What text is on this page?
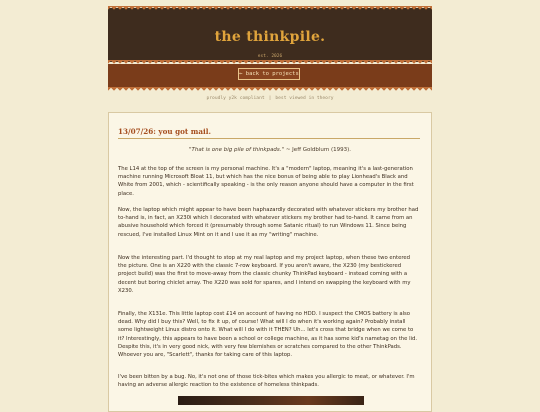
the thinkpile.
est. 2026
← back to projects
proudly y2k compliant | best viewed in theory
13/07/26: you got mail.
"That is one big pile of thinkpads." ~ Jeff Goldblum (1993).
The L14 at the top of the screen is my personal machine. It's a "modern" laptop, meaning it's a last-generation machine running Microsoft Bloat 11, but which has the nice bonus of being able to play Lionhead's Black and White from 2001, which - scientifically speaking - is the only reason anyone should have a computer in the first place.
Now, the laptop which might appear to have been haphazardly decorated with whatever stickers my brother had to-hand is, in fact, an X230i which I decorated with whatever stickers my brother had to-hand. It came from an abusive household which forced it (presumably through some Satanic ritual) to run Windows 11. Since being rescued, I've installed Linux Mint on it and I use it as my "writing" machine.
Now the interesting part. I'd thought to stop at my real laptop and my project laptop, when these two entered the picture. One is an X220 with the classic 7-row keyboard. If you aren't aware, the X230 (my bestickered project build) was the first to move-away from the classic chunky ThinkPad keyboard - instead coming with a decent but boring chiclet array. The X220 was sold for spares, and I intend on swapping the keyboard with my X230.
Finally, the X131e. This little laptop cost £14 on account of having no HDD. I suspect the CMOS battery is also dead. Why did I buy this? Well, to fix it up, of course! What will I do when it's working again? Probably install some lightweight Linux distro onto it. What will I do with it THEN? Uh... let's cross that bridge when we come to it? Interestingly, this appears to have been a school or college machine, as it has some kid's nametag on the lid. Despite this, it's in very good nick, with very few blemishes or scratches compared to the other ThinkPads. Whoever you are, "Scarlett", thanks for taking care of this laptop.
I've been bitten by a bug. No, it's not one of those tick-bites which makes you allergic to meat, or whatever. I'm having an adverse allergic reaction to the existence of homeless thinkpads.
